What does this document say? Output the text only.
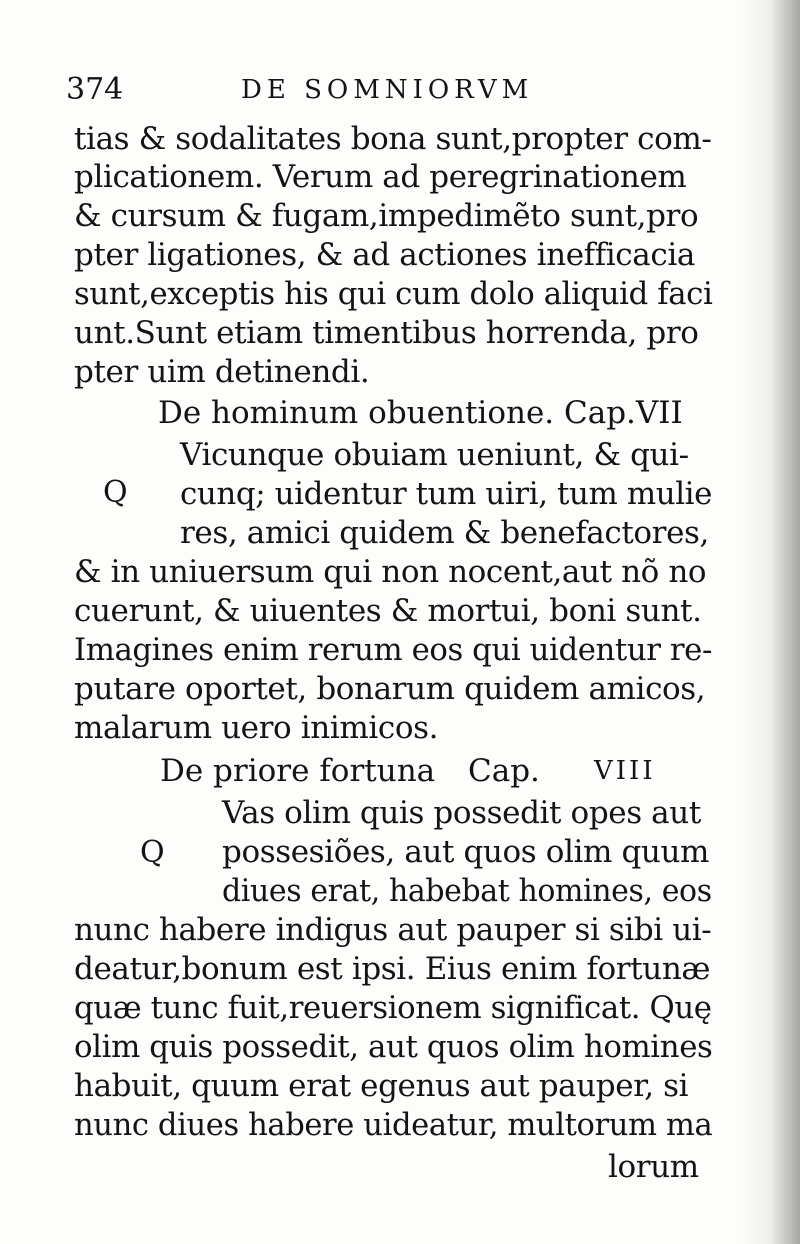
374	DE SOMNIORVM
tias & sodalitates bona sunt,propter com-
plicationem. Verum ad peregrinationem
& cursum & fugam,impedimẽto sunt,pro
pter ligationes, & ad actiones inefficacia
sunt,exceptis his qui cum dolo aliquid faci
unt.Sunt etiam timentibus horrenda, pro
pter uim detinendi.
De hominum obuentione. Cap.VII
Q
Vicunque obuiam ueniunt, & qui-
cunq; uidentur tum uiri, tum mulie
res, amici quidem & benefactores,
& in uniuersum qui non nocent,aut nõ no
cuerunt, & uiuentes & mortui, boni sunt.
Imagines enim rerum eos qui uidentur re-
putare oportet, bonarum quidem amicos,
malarum uero inimicos.
De priore fortuna Cap. VIII
Q
Vas olim quis possedit opes aut
possesiões, aut quos olim quum
diues erat, habebat homines, eos
nunc habere indigus aut pauper si sibi ui-
deatur,bonum est ipsi. Eius enim fortunæ
quæ tunc fuit,reuersionem significat. Quę
olim quis possedit, aut quos olim homines
habuit, quum erat egenus aut pauper, si
nunc diues habere uideatur, multorum ma
lorum
